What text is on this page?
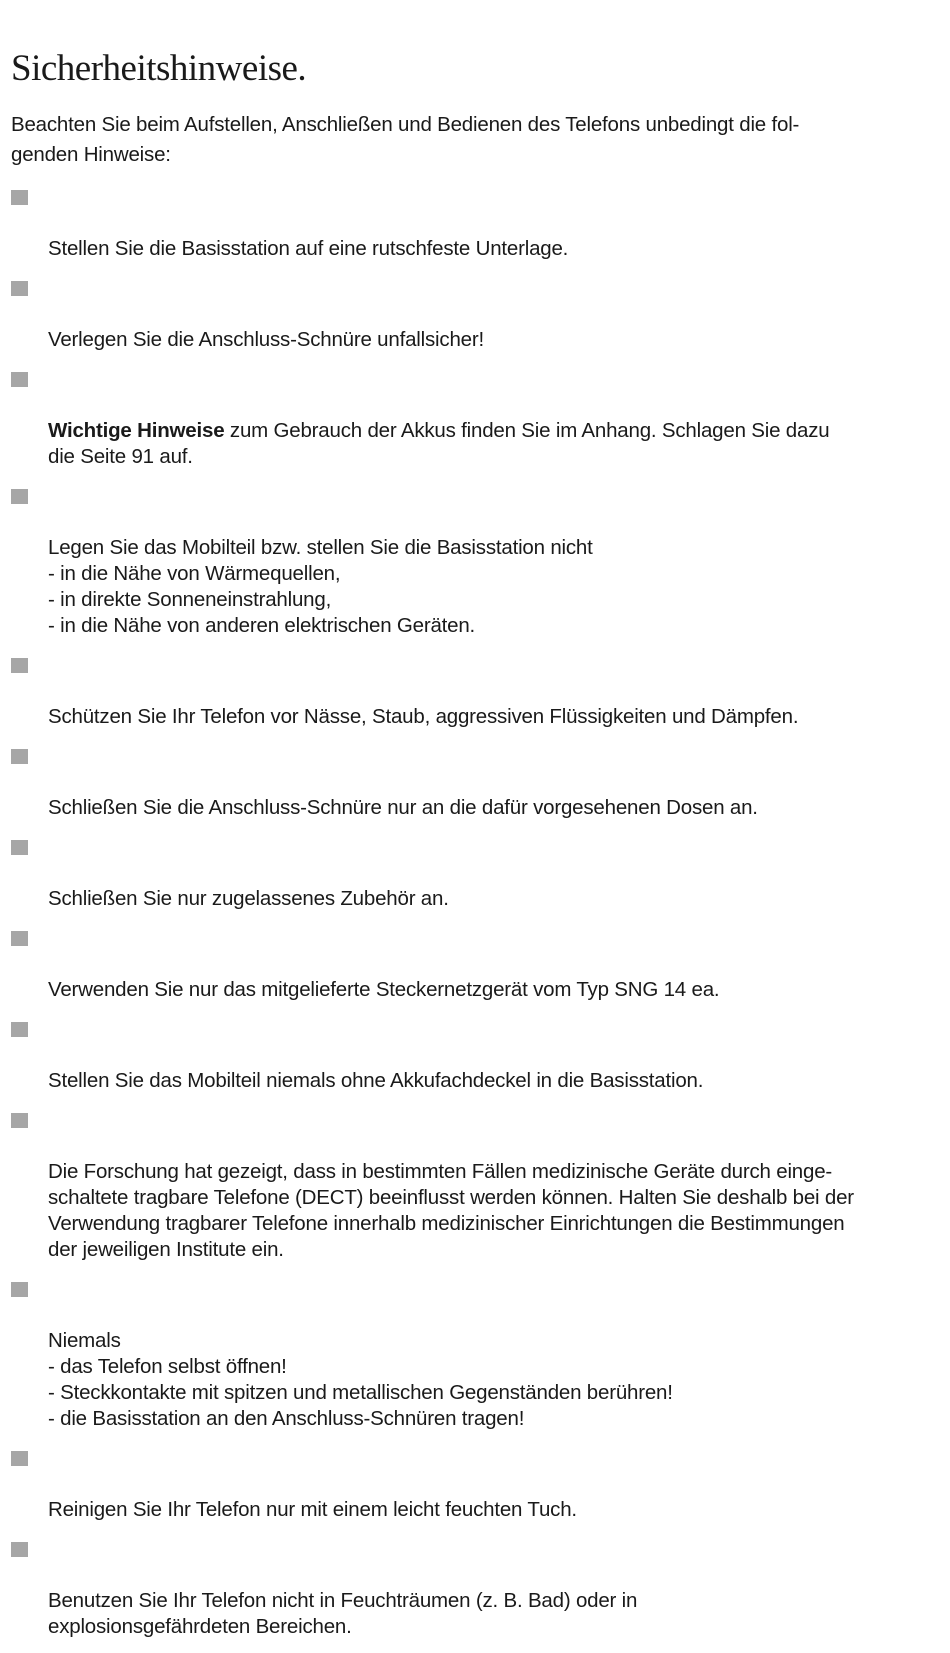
Sicherheitshinweise.

Beachten Sie beim Aufstellen, Anschließen und Bedienen des Telefons unbedingt die fol-
genden Hinweise:

Stellen Sie die Basisstation auf eine rutschfeste Unterlage.

Verlegen Sie die Anschluss-Schnüre unfallsicher!

Wichtige Hinweise zum Gebrauch der Akkus finden Sie im Anhang. Schlagen Sie dazu
die Seite 91 auf.

Legen Sie das Mobilteil bzw. stellen Sie die Basisstation nicht
- in die Nähe von Wärmequellen,
- in direkte Sonneneinstrahlung,
- in die Nähe von anderen elektrischen Geräten.

Schützen Sie Ihr Telefon vor Nässe, Staub, aggressiven Flüssigkeiten und Dämpfen.

Schließen Sie die Anschluss-Schnüre nur an die dafür vorgesehenen Dosen an.

Schließen Sie nur zugelassenes Zubehör an.

Verwenden Sie nur das mitgelieferte Steckernetzgerät vom Typ SNG 14 ea.

Stellen Sie das Mobilteil niemals ohne Akkufachdeckel in die Basisstation.

Die Forschung hat gezeigt, dass in bestimmten Fällen medizinische Geräte durch einge-
schaltete tragbare Telefone (DECT) beeinflusst werden können. Halten Sie deshalb bei der
Verwendung tragbarer Telefone innerhalb medizinischer Einrichtungen die Bestimmungen
der jeweiligen Institute ein.

Niemals
- das Telefon selbst öffnen!
- Steckkontakte mit spitzen und metallischen Gegenständen berühren!
- die Basisstation an den Anschluss-Schnüren tragen!

Reinigen Sie Ihr Telefon nur mit einem leicht feuchten Tuch.

Benutzen Sie Ihr Telefon nicht in Feuchträumen (z. B. Bad) oder in
explosionsgefährdeten Bereichen.
